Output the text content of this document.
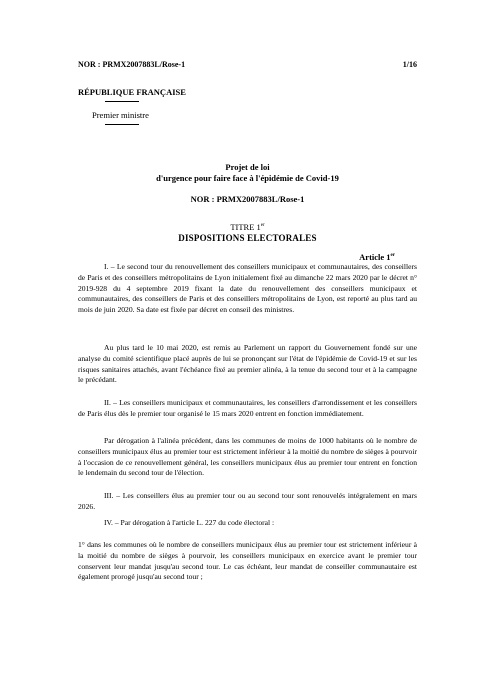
NOR : PRMX2007883L/Rose-1	1/16
RÉPUBLIQUE FRANÇAISE
Premier ministre
Projet de loi
d'urgence pour faire face à l'épidémie de Covid-19
NOR : PRMX2007883L/Rose-1
TITRE 1er
DISPOSITIONS ELECTORALES
Article 1er

I. – Le second tour du renouvellement des conseillers municipaux et communautaires, des conseillers de Paris et des conseillers métropolitains de Lyon initialement fixé au dimanche 22 mars 2020 par le décret n° 2019-928 du 4 septembre 2019 fixant la date du renouvellement des conseillers municipaux et communautaires, des conseillers de Paris et des conseillers métropolitains de Lyon, est reporté au plus tard au mois de juin 2020. Sa date est fixée par décret en conseil des ministres.

Au plus tard le 10 mai 2020, est remis au Parlement un rapport du Gouvernement fondé sur une analyse du comité scientifique placé auprès de lui se prononçant sur l'état de l'épidémie de Covid-19 et sur les risques sanitaires attachés, avant l'échéance fixé au premier alinéa, à la tenue du second tour et à la campagne le précédant.

II. – Les conseillers municipaux et communautaires, les conseillers d'arrondissement et les conseillers de Paris élus dès le premier tour organisé le 15 mars 2020 entrent en fonction immédiatement.

Par dérogation à l'alinéa précédent, dans les communes de moins de 1000 habitants où le nombre de conseillers municipaux élus au premier tour est strictement inférieur à la moitié du nombre de sièges à pourvoir à l'occasion de ce renouvellement général, les conseillers municipaux élus au premier tour entrent en fonction le lendemain du second tour de l'élection.

III. – Les conseillers élus au premier tour ou au second tour sont renouvelés intégralement en mars 2026.

IV. – Par dérogation à l'article L. 227 du code électoral :

1° dans les communes où le nombre de conseillers municipaux élus au premier tour est strictement inférieur à la moitié du nombre de sièges à pourvoir, les conseillers municipaux en exercice avant le premier tour conservent leur mandat jusqu'au second tour. Le cas échéant, leur mandat de conseiller communautaire est également prorogé jusqu'au second tour ;
